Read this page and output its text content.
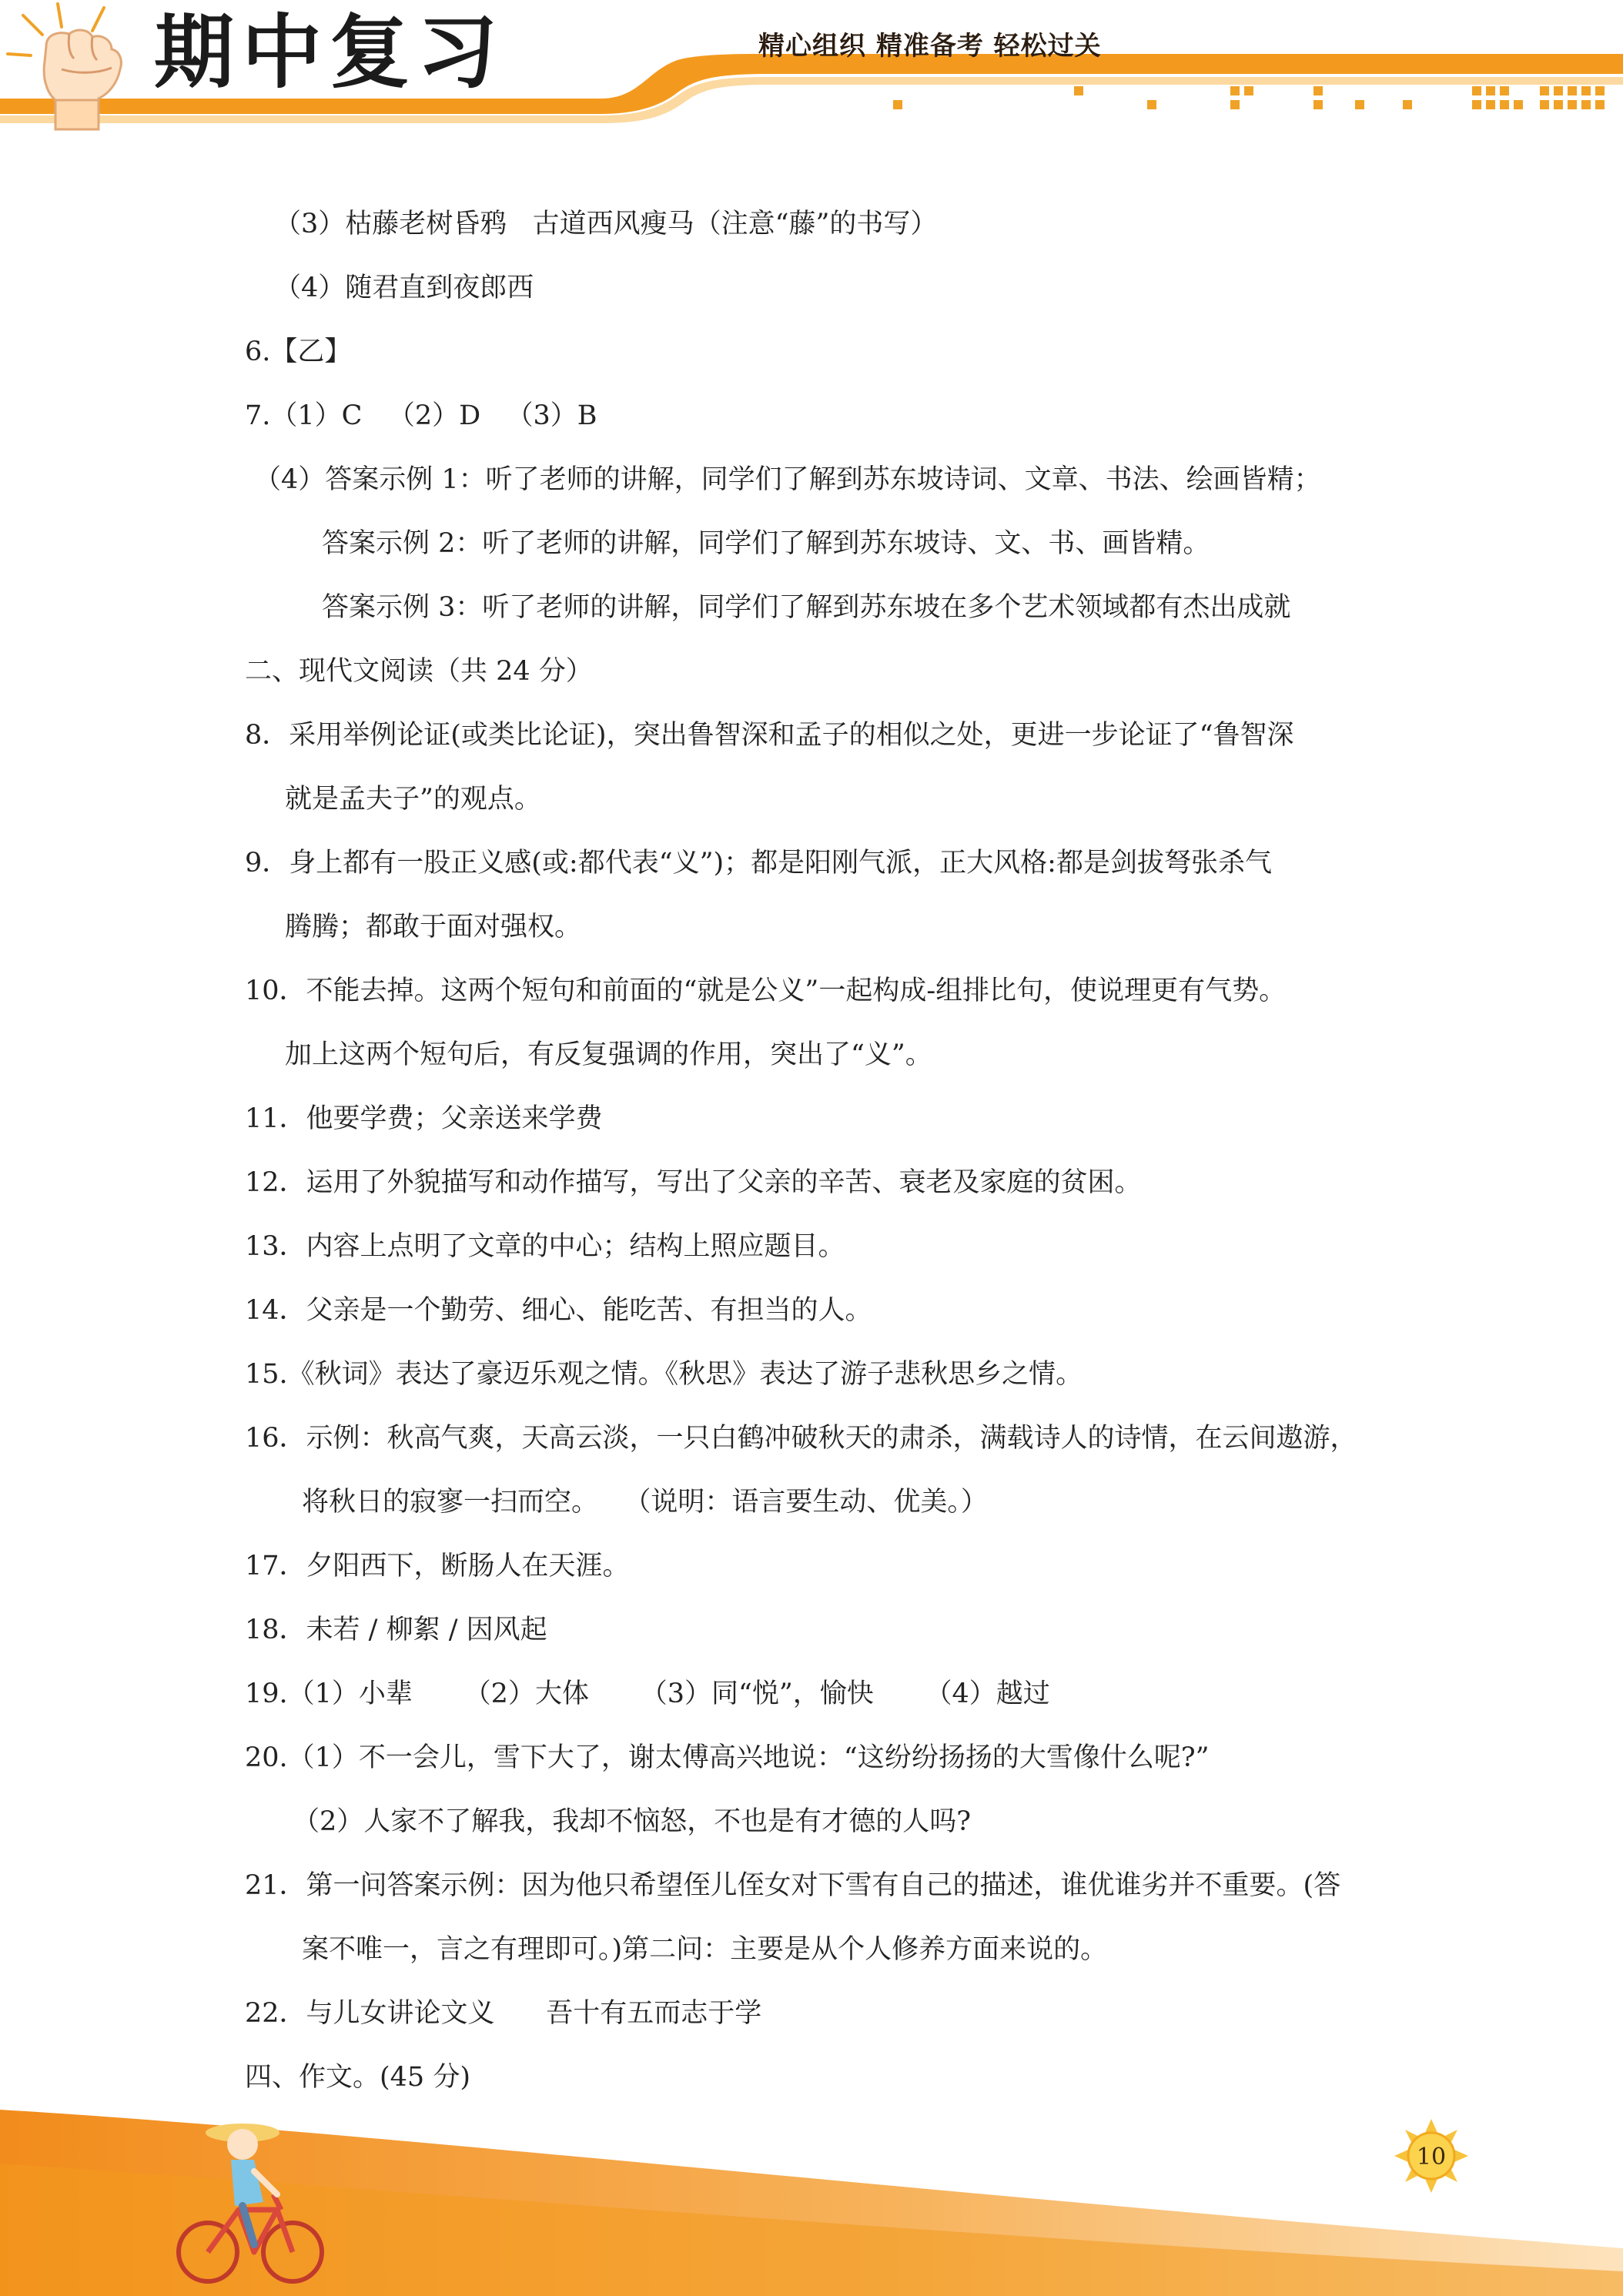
期中复习	精心组织 精准备考 轻松过关
（3）枯藤老树昏鸦   古道西风瘦马（注意“藤”的书写）
（4）随君直到夜郎西
6.【乙】
7.（1）C   （2）D   （3）B
（4）答案示例 1：听了老师的讲解，同学们了解到苏东坡诗词、文章、书法、绘画皆精；
答案示例 2：听了老师的讲解，同学们了解到苏东坡诗、文、书、画皆精。
答案示例 3：听了老师的讲解，同学们了解到苏东坡在多个艺术领域都有杰出成就
二、现代文阅读（共 24 分）
8．采用举例论证(或类比论证)，突出鲁智深和孟子的相似之处，更进一步论证了“鲁智深
就是孟夫子”的观点。
9．身上都有一股正义感(或:都代表“义”)；都是阳刚气派，正大风格:都是剑拔弩张杀气
腾腾；都敢于面对强权。
10．不能去掉。这两个短句和前面的“就是公义”一起构成-组排比句，使说理更有气势。
加上这两个短句后，有反复强调的作用，突出了“义”。
11．他要学费；父亲送来学费
12．运用了外貌描写和动作描写，写出了父亲的辛苦、衰老及家庭的贫困。
13．内容上点明了文章的中心；结构上照应题目。
14．父亲是一个勤劳、细心、能吃苦、有担当的人。
15.《秋词》表达了豪迈乐观之情。《秋思》表达了游子悲秋思乡之情。
16．示例：秋高气爽，天高云淡，一只白鹤冲破秋天的肃杀，满载诗人的诗情，在云间遨游，
将秋日的寂寥一扫而空。   （说明：语言要生动、优美。）
17．夕阳西下，断肠人在天涯。
18．未若 / 柳絮 / 因风起
19.（1）小辈      （2）大体      （3）同“悦”，愉快      （4）越过
20.（1）不一会儿，雪下大了，谢太傅高兴地说：“这纷纷扬扬的大雪像什么呢?”
（2）人家不了解我，我却不恼怒，不也是有才德的人吗?
21．第一问答案示例：因为他只希望侄儿侄女对下雪有自己的描述，谁优谁劣并不重要。(答
案不唯一，言之有理即可。)第二问：主要是从个人修养方面来说的。
22．与儿女讲论文义      吾十有五而志于学
四、作文。(45 分)
10
